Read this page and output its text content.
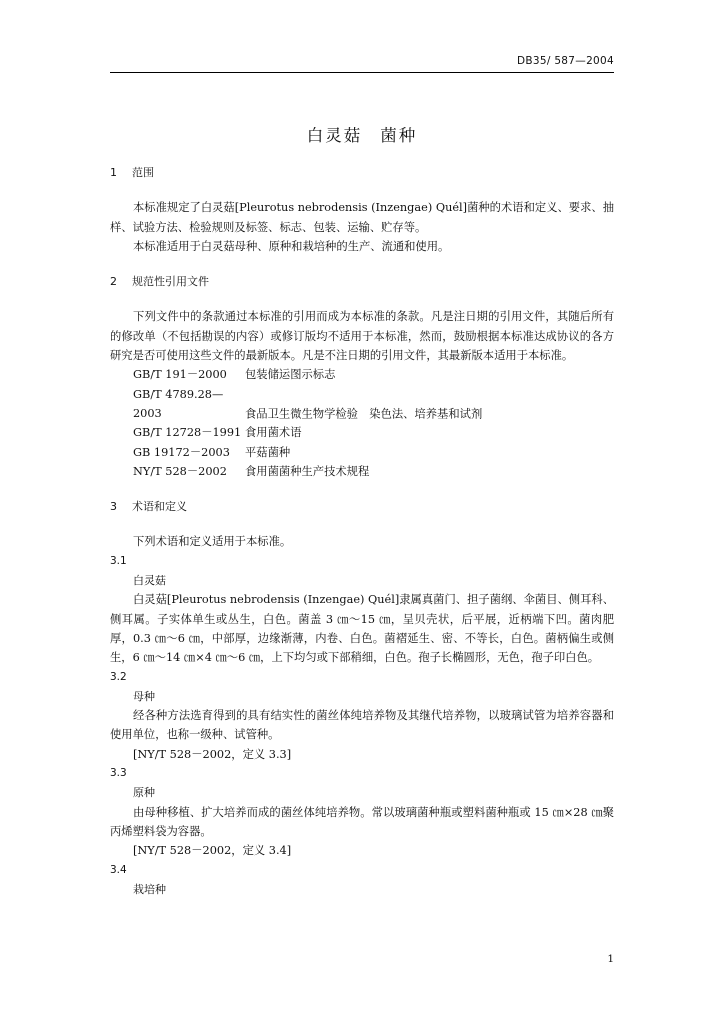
DB35/ 587—2004
白灵菇 菌种

1 范围

本标准规定了白灵菇[Pleurotus nebrodensis (Inzengae) Quél]菌种的术语和定义、要求、抽样、试验方法、检验规则及标签、标志、包装、运输、贮存等。

本标准适用于白灵菇母种、原种和栽培种的生产、流通和使用。

2 规范性引用文件

下列文件中的条款通过本标准的引用而成为本标准的条款。凡是注日期的引用文件，其随后所有的修改单（不包括勘误的内容）或修订版均不适用于本标准，然而，鼓励根据本标准达成协议的各方研究是否可使用这些文件的最新版本。凡是不注日期的引用文件，其最新版本适用于本标准。

GB/T 191－2000 包装储运图示标志

GB/T 4789.28—2003	食品卫生微生物学检验　染色法、培养基和试剂

GB/T 12728－1991 食用菌术语

GB 19172－2003 平菇菌种

NY/T 528－2002 食用菌菌种生产技术规程

3 术语和定义

下列术语和定义适用于本标准。

3.1

白灵菇

白灵菇[Pleurotus nebrodensis (Inzengae) Quél]隶属真菌门、担子菌纲、伞菌目、侧耳科、侧耳属。子实体单生或丛生，白色。菌盖 3 ㎝～15 ㎝，呈贝壳状，后平展，近柄端下凹。菌肉肥厚，0.3 ㎝～6 ㎝，中部厚，边缘渐薄，内卷、白色。菌褶延生、密、不等长，白色。菌柄偏生或侧生，6 ㎝～14 ㎝×4 ㎝～6 ㎝，上下均匀或下部稍细，白色。孢子长椭圆形，无色，孢子印白色。

3.2

母种

经各种方法选育得到的具有结实性的菌丝体纯培养物及其继代培养物，以玻璃试管为培养容器和使用单位，也称一级种、试管种。

[NY/T 528－2002，定义 3.3]

3.3

原种

由母种移植、扩大培养而成的菌丝体纯培养物。常以玻璃菌种瓶或塑料菌种瓶或 15 ㎝×28 ㎝聚丙烯塑料袋为容器。

[NY/T 528－2002，定义 3.4]

3.4

栽培种

1
